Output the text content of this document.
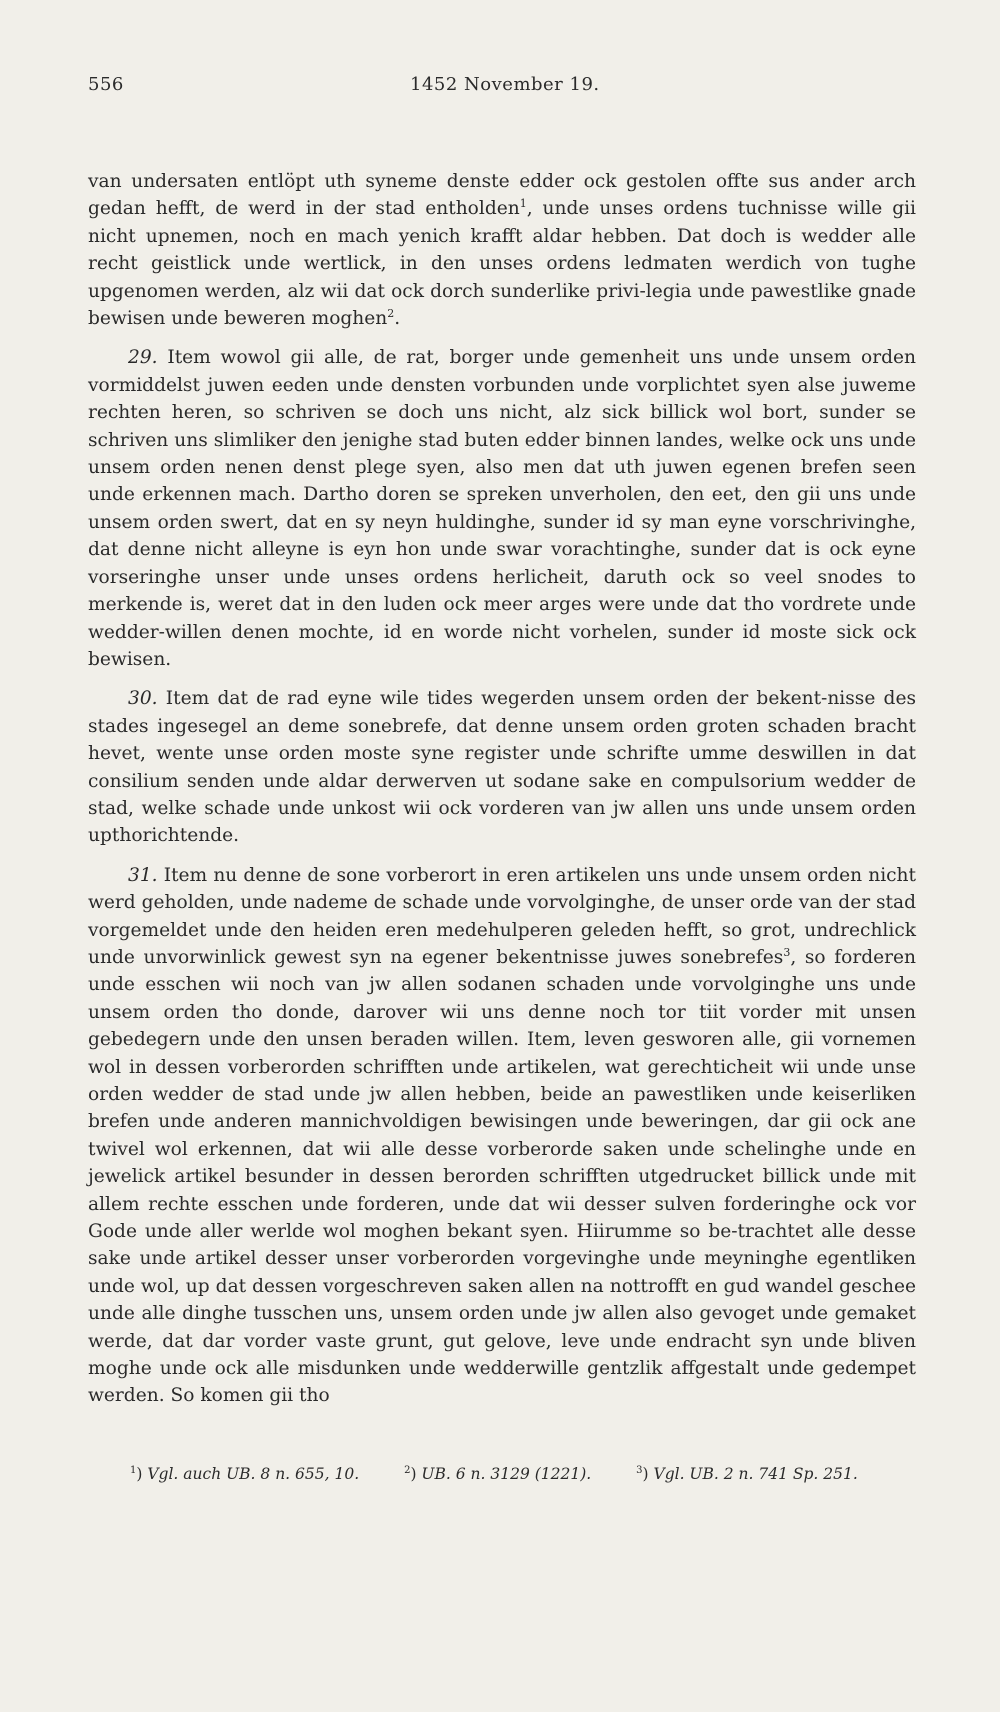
556	1452 November 19.

van undersaten entlöpt uth syneme denste edder ock gestolen offte sus ander arch gedan hefft, de werd in der stad entholden$^1$, unde unses ordens tuchnisse wille gii nicht upnemen, noch en mach yenich krafft aldar hebben. Dat doch is wedder alle recht geistlick unde wertlick, in den unses ordens ledmaten werdich von tughe upgenomen werden, alz wii dat ock dorch sunderlike privi-legia unde pawestlike gnade bewisen unde beweren moghen$^2$.

29. Item wowol gii alle, de rat, borger unde gemenheit uns unde unsem orden vormiddelst juwen eeden unde densten vorbunden unde vorplichtet syen alse juweme rechten heren, so schriven se doch uns nicht, alz sick billick wol bort, sunder se schriven uns slimliker den jenighe stad buten edder binnen landes, welke ock uns unde unsem orden nenen denst plege syen, also men dat uth juwen egenen brefen seen unde erkennen mach. Dartho doren se spreken unverholen, den eet, den gii uns unde unsem orden swert, dat en sy neyn huldinghe, sunder id sy man eyne vorschrivinghe, dat denne nicht alleyne is eyn hon unde swar vorachtinghe, sunder dat is ock eyne vorseringhe unser unde unses ordens herlicheit, daruth ock so veel snodes to merkende is, weret dat in den luden ock meer arges were unde dat tho vordrete unde wedder-willen denen mochte, id en worde nicht vorhelen, sunder id moste sick ock bewisen.

30. Item dat de rad eyne wile tides wegerden unsem orden der bekent-nisse des stades ingesegel an deme sonebrefe, dat denne unsem orden groten schaden bracht hevet, wente unse orden moste syne register unde schrifte umme deswillen in dat consilium senden unde aldar derwerven ut sodane sake en compulsorium wedder de stad, welke schade unde unkost wii ock vorderen van jw allen uns unde unsem orden upthorichtende.

31. Item nu denne de sone vorberort in eren artikelen uns unde unsem orden nicht werd geholden, unde nademe de schade unde vorvolginghe, de unser orde van der stad vorgemeldet unde den heiden eren medehulperen geleden hefft, so grot, undrechlick unde unvorwinlick gewest syn na egener bekentnisse juwes sonebrefes$^3$, so forderen unde esschen wii noch van jw allen sodanen schaden unde vorvolginghe uns unde unsem orden tho donde, darover wii uns denne noch tor tiit vorder mit unsen gebedegern unde den unsen beraden willen. Item, leven gesworen alle, gii vornemen wol in dessen vorberorden schrifften unde artikelen, wat gerechticheit wii unde unse orden wedder de stad unde jw allen hebben, beide an pawestliken unde keiserliken brefen unde anderen mannichvoldigen bewisingen unde beweringen, dar gii ock ane twivel wol erkennen, dat wii alle desse vorberorde saken unde schelinghe unde en jewelick artikel besunder in dessen berorden schrifften utgedrucket billick unde mit allem rechte esschen unde forderen, unde dat wii desser sulven forderinghe ock vor Gode unde aller werlde wol moghen bekant syen. Hiirumme so be-trachtet alle desse sake unde artikel desser unser vorberorden vorgevinghe unde meyninghe egentliken unde wol, up dat dessen vorgeschreven saken allen na nottrofft en gud wandel geschee unde alle dinghe tusschen uns, unsem orden unde jw allen also gevoget unde gemaket werde, dat dar vorder vaste grunt, gut gelove, leve unde endracht syn unde bliven moghe unde ock alle misdunken unde wedderwille gentzlik affgestalt unde gedempet werden. So komen gii tho

$^1$) Vgl. auch UB. 8 n. 655, 10.	$^2$) UB. 6 n. 3129 (1221).	$^3$) Vgl. UB. 2 n. 741 Sp. 251.
